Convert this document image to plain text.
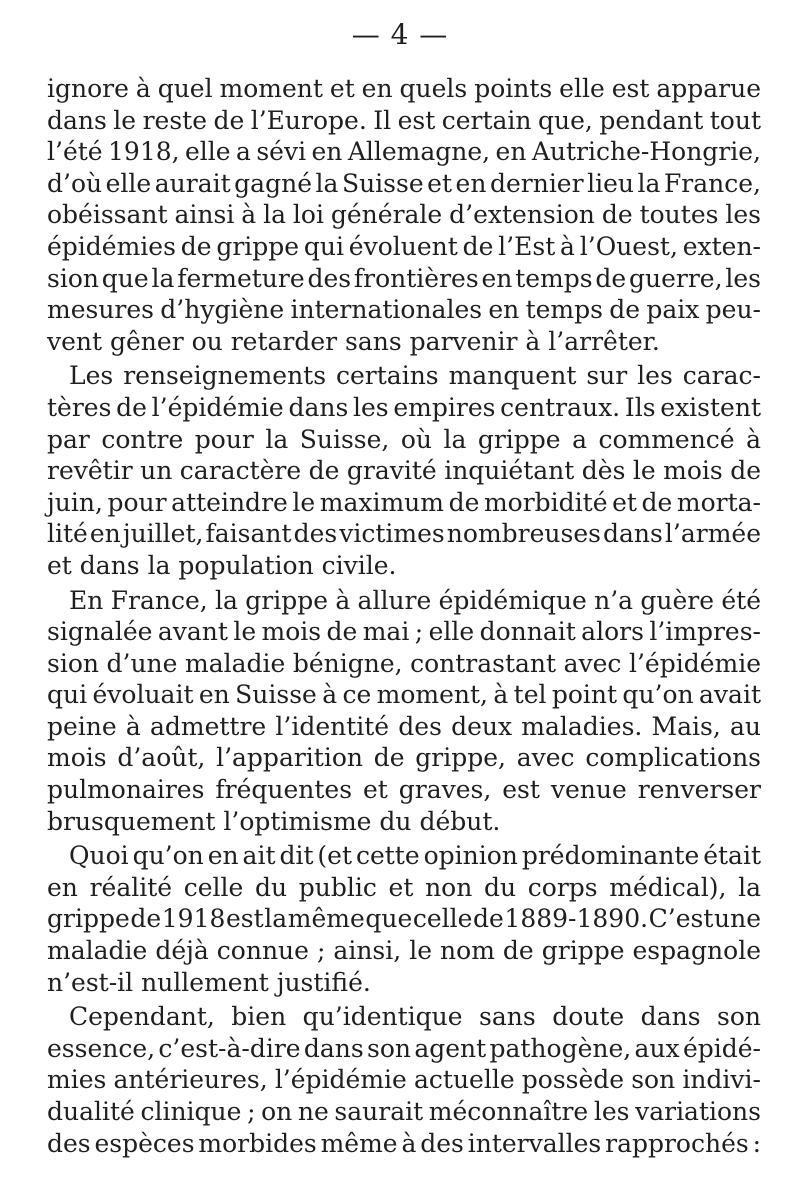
— 4 —

ignore à quel moment et en quels points elle est apparue
dans le reste de l’Europe. Il est certain que, pendant tout
l’été 1918, elle a sévi en Allemagne, en Autriche-Hongrie,
d’où elle aurait gagné la Suisse et en dernier lieu la France,
obéissant ainsi à la loi générale d’extension de toutes les
épidémies de grippe qui évoluent de l’Est à l’Ouest, exten-
sion que la fermeture des frontières en temps de guerre, les
mesures d’hygiène internationales en temps de paix peu-
vent gêner ou retarder sans parvenir à l’arrêter.

Les renseignements certains manquent sur les carac-
tères de l’épidémie dans les empires centraux. Ils existent
par contre pour la Suisse, où la grippe a commencé à
revêtir un caractère de gravité inquiétant dès le mois de
juin, pour atteindre le maximum de morbidité et de morta-
lité en juillet, faisant des victimes nombreuses dans l’armée
et dans la population civile.

En France, la grippe à allure épidémique n’a guère été
signalée avant le mois de mai ; elle donnait alors l’impres-
sion d’une maladie bénigne, contrastant avec l’épidémie
qui évoluait en Suisse à ce moment, à tel point qu’on avait
peine à admettre l’identité des deux maladies. Mais, au
mois d’août, l’apparition de grippe, avec complications
pulmonaires fréquentes et graves, est venue renverser
brusquement l’optimisme du début.

Quoi qu’on en ait dit (et cette opinion prédominante était
en réalité celle du public et non du corps médical), la
grippe de 1918 est la même que celle de 1889-1890. C’est une
maladie déjà connue ; ainsi, le nom de grippe espagnole
n’est-il nullement justifié.

Cependant, bien qu’identique sans doute dans son
essence, c’est-à-dire dans son agent pathogène, aux épidé-
mies antérieures, l’épidémie actuelle possède son indivi-
dualité clinique ; on ne saurait méconnaître les variations
des espèces morbides même à des intervalles rapprochés :
